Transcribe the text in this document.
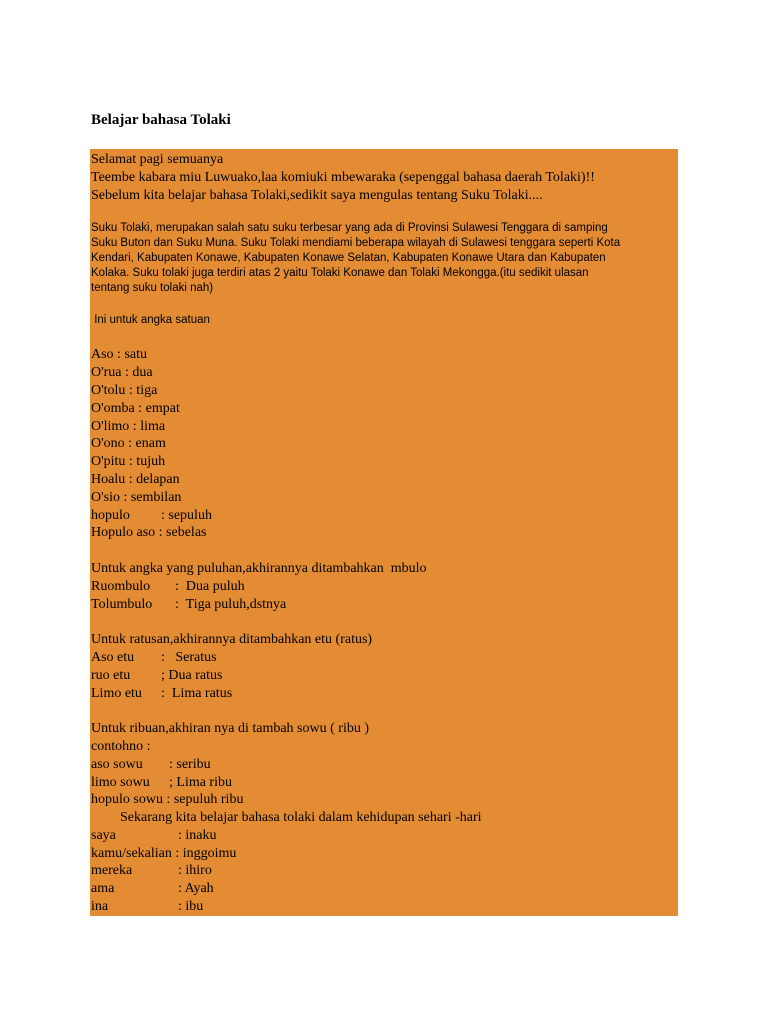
Belajar bahasa Tolaki
Selamat pagi semuanya
Teembe kabara miu Luwuako,laa komiuki mbewaraka (sepenggal bahasa daerah Tolaki)!!
Sebelum kita belajar bahasa Tolaki,sedikit saya mengulas tentang Suku Tolaki....
Suku Tolaki, merupakan salah satu suku terbesar yang ada di Provinsi Sulawesi Tenggara di samping
Suku Buton dan Suku Muna. Suku Tolaki mendiami beberapa wilayah di Sulawesi tenggara seperti Kota
Kendari, Kabupaten Konawe, Kabupaten Konawe Selatan, Kabupaten Konawe Utara dan Kabupaten
Kolaka. Suku tolaki juga terdiri atas 2 yaitu Tolaki Konawe dan Tolaki Mekongga.(itu sedikit ulasan
tentang suku tolaki nah)
Ini untuk angka satuan
Aso : satu
O'rua : dua
O'tolu : tiga
O'omba : empat
O'limo : lima
O'ono : enam
O'pitu : tujuh
Hoalu : delapan
O'sio : sembilan
hopulo : sepuluh
Hopulo aso : sebelas
Untuk angka yang puluhan,akhirannya ditambahkan  mbulo
Ruombulo :  Dua puluh
Tolumbulo :  Tiga puluh,dstnya
Untuk ratusan,akhirannya ditambahkan etu (ratus)
Aso etu :   Seratus
ruo etu ; Dua ratus
Limo etu :  Lima ratus
Untuk ribuan,akhiran nya di tambah sowu ( ribu )
contohno :
aso sowu : seribu
limo sowu ; Lima ribu
hopulo sowu : sepuluh ribu
Sekarang kita belajar bahasa tolaki dalam kehidupan sehari -hari
saya	: inaku
kamu/sekalian : inggoimu
mereka	: ihiro
ama	: Ayah
ina	: ibu
